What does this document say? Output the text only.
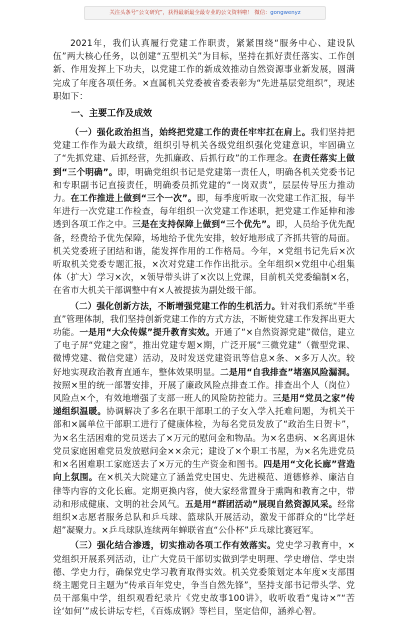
关注头条号“公文研究”，获得最新最全最专业的公文资料啦！ 微信：gongwenyz

2021年，我们认真履行党建工作职责，紧紧围绕“服务中心、建设队伍”两大核心任务，以创建“五型机关”为目标，坚持在抓好责任落实、工作创新、作用发挥上下功夫，以党建工作的新成效推动自然资源事业新发展，圆满完成了年度各项任务。×直属机关党委被省委表彰为“先进基层党组织”，现述职如下：

一、主要工作及成效

（一）强化政治担当，始终把党建工作的责任牢牢扛在肩上。我们坚持把党建工作作为最大政绩，组织引导机关各级党组织强化党建意识，牢固确立了“先抓党建、后抓经营，先抓廉政、后抓行政”的工作理念。在责任落实上做到“三个明确”。即，明确党组织书记是党建第一责任人，明确各机关党委书记和专职副书记直接责任，明确委员抓党建的“一岗双责”，层层传导压力推动力。在工作推进上做到“三个一次”。即，每季度听取一次党建工作汇报，每半年进行一次党建工作检查，每年组织一次党建工作述职，把党建工作延伸和渗透到各项工作之中。三是在支持保障上做到“三个优先”。即，人员给予优先配备，经费给予优先保障，场地给予优先安排，较好地形成了齐抓共管的局面。机关党委班子团结和谐，能发挥作用的工作格局。今年，×党组书记先后×次听取机关党委专题汇报，×次对党建工作作出批示。全年组织×党组中心组集体（扩大）学习×次，×领导带头讲了×次以上党课，目前机关党委编制×名，在省市大机关干部调整中有×人被提拔为副处级干部。

（二）强化创新方法，不断增强党建工作的生机活力。针对我们系统“半垂直”管理体制，我们坚持创新党建工作的方式方法，不断使党建工作发挥出更大功能。一是用“大众传媒”提升教育实效。开通了“×自然资源党建”微信，建立了电子屏“党建之窗”，推出党建专题×期，广泛开展“三微党建”（微型党课、微博党建、微信党建）活动，及时发送党建资讯等信息×条、×多万人次。较好地实现政治教育直通车，整体效果明显。二是用“自我排查”堵塞风险漏洞。按照×里的统一部署安排，开展了廉政风险点排查工作。排查出个人（岗位）风险点×个，有效地增强了支部一班人的风险防控能力。三是用“党员之家”传递组织温暖。协调解决了多名在职干部职工的子女入学入托难问题，为机关干部和×属单位干部职工进行了健康体检，为每名党员发放了“政治生日贺卡”，为×名生活困难的党员送去了×万元的慰问金和物品。为×名患病、×名离退休党员家庭困难党员发放慰问金××余元；建设了×个职工书屋，为×名先进党员和×名困难职工家庭送去了×万元的生产资金和图书。四是用“文化长廊”营造向上氛围。在×机关大院建立了涵盖党史国史、先进模范、道德修养、廉洁自律等内容的文化长廊。定期更换内容，使大家经常置身于熏陶和教育之中，带动和形成健康、文明的社会风气。五是用“群团活动”展现自然资源风采。经常组织×志愿者服务总队和乒乓球、篮球队开展活动，激发干部群众的“比学赶超”凝聚力。×乒乓球队连续两年蝉联省直“公仆杯”乒乓球比赛冠军。

（三）强化结合渗透，切实推动各项工作有效落实。党史学习教育中，×党组织开展系列活动，让广大党员干部切实做到学史明理、学史增信、学史崇德、学史力行，确保党史学习教育取得实效。机关党委策划定本年度×支部围绕主题党日主题为“传承百年党史，争当自然先锋”，坚持支部书记带头学、党员干部集中学，组织观看纪录片《党史故事100讲》，收听收看“鬼诗×”“苦诠‘如何’”成长讲坛专栏，《百炼成钢》等栏目，坚定信仰，涵养心智。
